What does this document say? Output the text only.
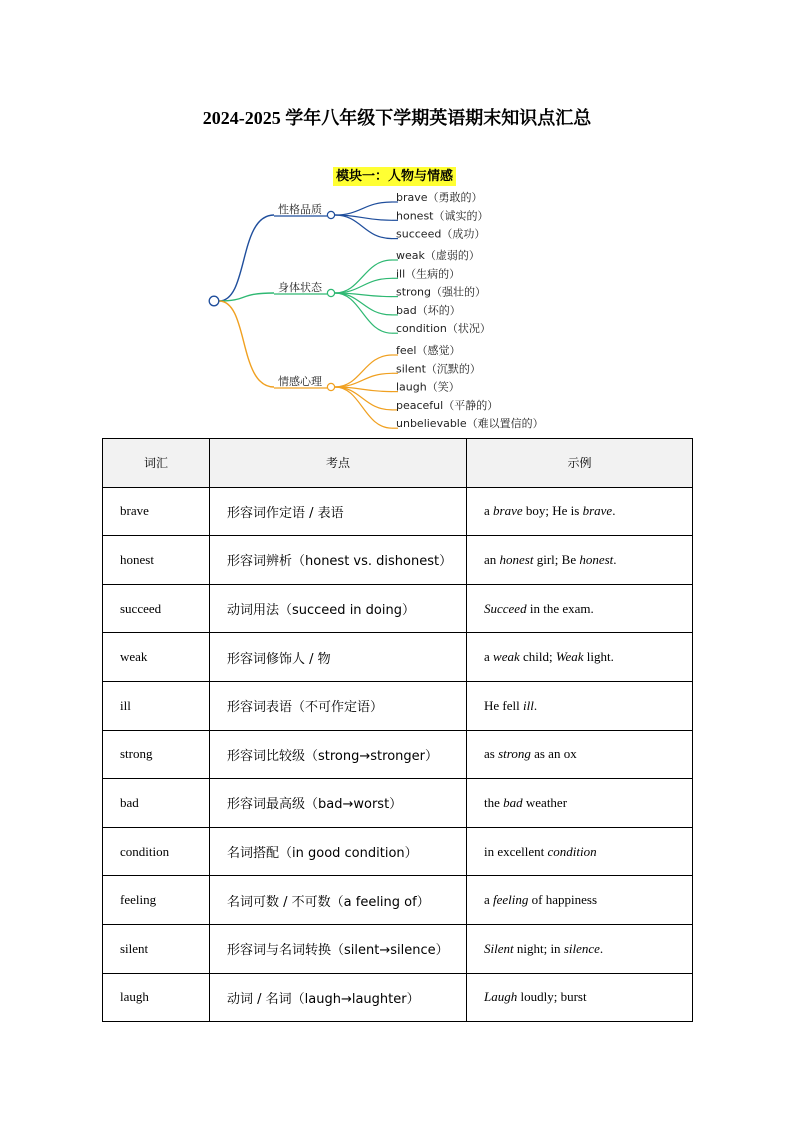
2024-2025 学年八年级下学期英语期末知识点汇总
性格品质
brave（勇敢的）
honest（诚实的）
succeed（成功）
身体状态
weak（虚弱的）
ill（生病的）
strong（强壮的）
bad（坏的）
condition（状况）
情感心理
feel（感觉）
silent（沉默的）
laugh（笑）
peaceful（平静的）
unbelievable（难以置信的）
模块一：人物与情感
词汇	考点	示例
brave	形容词作定语 / 表语	a brave boy; He is brave.
honest	形容词辨析（honest vs. dishonest）	an honest girl; Be honest.
succeed	动词用法（succeed in doing）	Succeed in the exam.
weak	形容词修饰人 / 物	a weak child; Weak light.
ill	形容词表语（不可作定语）	He fell ill.
strong	形容词比较级（strong→stronger）	as strong as an ox
bad	形容词最高级（bad→worst）	the bad weather
condition	名词搭配（in good condition）	in excellent condition
feeling	名词可数 / 不可数（a feeling of）	a feeling of happiness
silent	形容词与名词转换（silent→silence）	Silent night; in silence.
laugh	动词 / 名词（laugh→laughter）	Laugh loudly; burst
